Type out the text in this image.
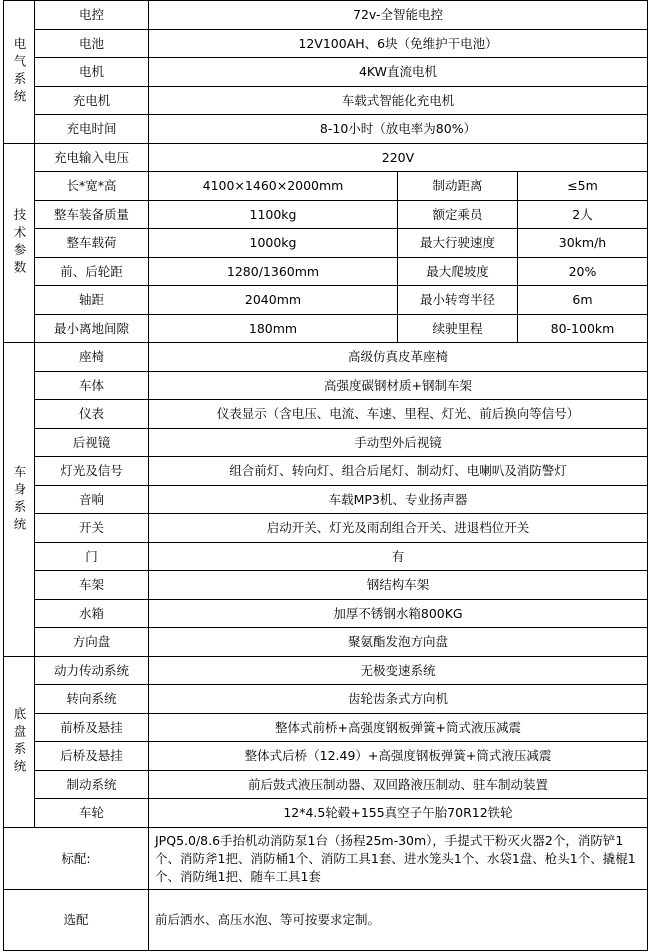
电气系统	电控	72v-全智能电控		
	电池	12V100AH、6块（免维护干电池）		
	电机	4KW直流电机		
	充电机	车载式智能化充电机		
	充电时间	8-10小时（放电率为80%）		
技术参数	充电输入电压	220V		
	长*宽*高	4100×1460×2000mm	制动距离	≤5m
	整车装备质量	1100kg	额定乘员	2人
	整车载荷	1000kg	最大行驶速度	30km/h
	前、后轮距	1280/1360mm	最大爬坡度	20%
	轴距	2040mm	最小转弯半径	6m
	最小离地间隙	180mm	续驶里程	80-100km
车身系统	座椅	高级仿真皮革座椅		
	车体	高强度碳钢材质+钢制车架		
	仪表	仪表显示（含电压、电流、车速、里程、灯光、前后换向等信号）		
	后视镜	手动型外后视镜		
	灯光及信号	组合前灯、转向灯、组合后尾灯、制动灯、电喇叭及消防警灯		
	音响	车载MP3机、专业扬声器		
	开关	启动开关、灯光及雨刮组合开关、进退档位开关		
	门	有		
	车架	钢结构车架		
	水箱	加厚不锈钢水箱800KG		
	方向盘	聚氨酯发泡方向盘		
底盘系统	动力传动系统	无极变速系统		
	转向系统	齿轮齿条式方向机		
	前桥及悬挂	整体式前桥+高强度钢板弹簧+筒式液压减震		
	后桥及悬挂	整体式后桥（12.49）+高强度钢板弹簧+筒式液压减震		
	制动系统	前后鼓式液压制动器、双回路液压制动、驻车制动装置		
	车轮	12*4.5轮毂+155真空子午胎70R12铁轮		
标配:		JPQ5.0/8.6手抬机动消防泵1台（扬程25m-30m），手提式干粉灭火器2个，消防铲1个、消防斧1把、消防桶1个、消防工具1套、进水笼头1个、水袋1盘、枪头1个、撬棍1个、消防绳1把、随车工具1套		
选配		前后洒水、高压水泡、等可按要求定制。		
